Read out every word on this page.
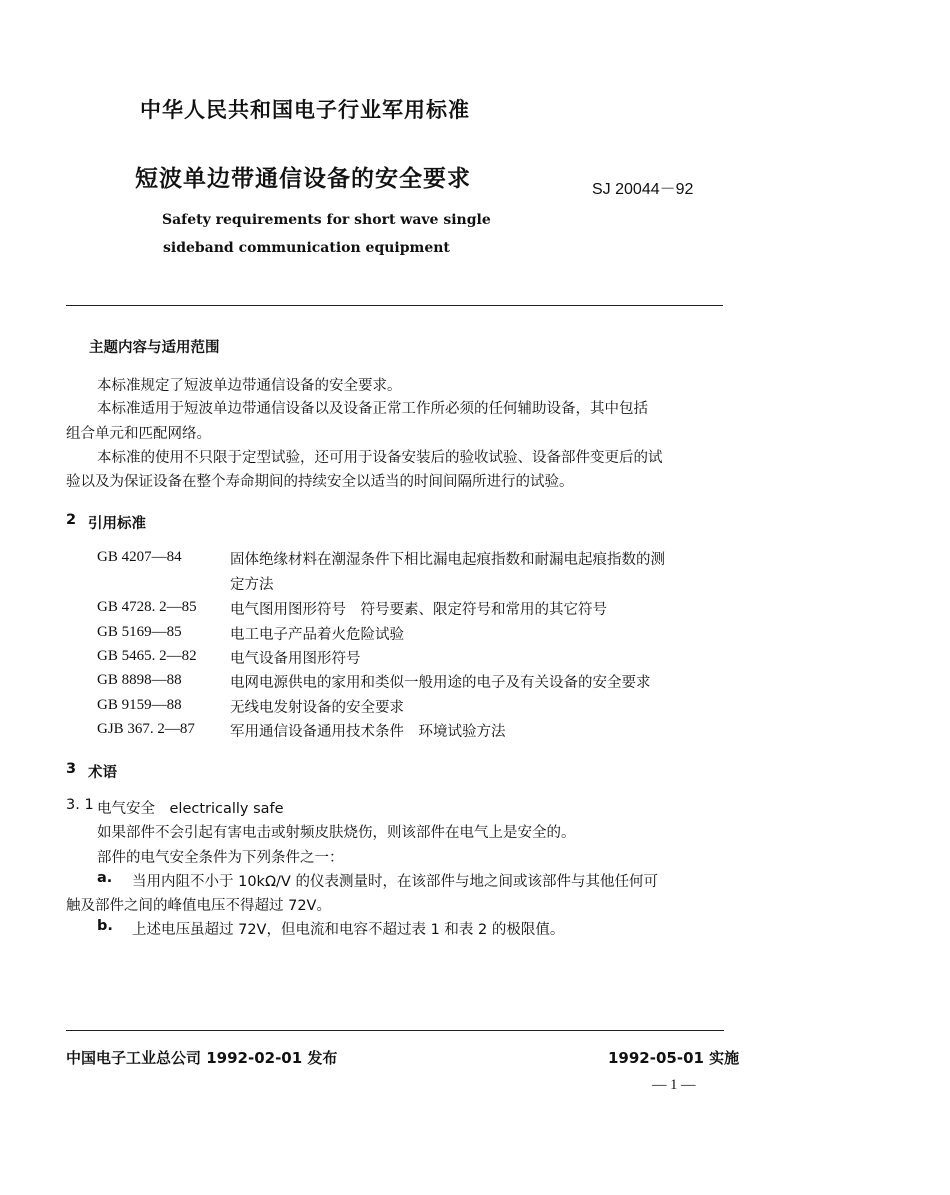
中华人民共和国电子行业军用标准
短波单边带通信设备的安全要求	SJ 20044－92
Safety requirements for short wave single
sideband communication equipment
主题内容与适用范围
本标准规定了短波单边带通信设备的安全要求。
本标准适用于短波单边带通信设备以及设备正常工作所必须的任何辅助设备，其中包括
组合单元和匹配网络。
本标准的使用不只限于定型试验，还可用于设备安装后的验收试验、设备部件变更后的试
验以及为保证设备在整个寿命期间的持续安全以适当的时间间隔所进行的试验。
2 引用标准
GB 4207—84	固体绝缘材料在潮湿条件下相比漏电起痕指数和耐漏电起痕指数的测
定方法
GB 4728. 2—85 电气图用图形符号　符号要素、限定符号和常用的其它符号
GB 5169—85	电工电子产品着火危险试验
GB 5465. 2—82 电气设备用图形符号
GB 8898—88	电网电源供电的家用和类似一般用途的电子及有关设备的安全要求
GB 9159—88	无线电发射设备的安全要求
GJB 367. 2—87 军用通信设备通用技术条件　环境试验方法
3 术语
3. 1 电气安全　electrically safe
如果部件不会引起有害电击或射频皮肤烧伤，则该部件在电气上是安全的。
部件的电气安全条件为下列条件之一：
a. 当用内阻不小于 10kΩ/V 的仪表测量时，在该部件与地之间或该部件与其他任何可
触及部件之间的峰值电压不得超过 72V。
b. 上述电压虽超过 72V，但电流和电容不超过表 1 和表 2 的极限值。
中国电子工业总公司 1992-02-01 发布	1992-05-01 实施
— 1 —
